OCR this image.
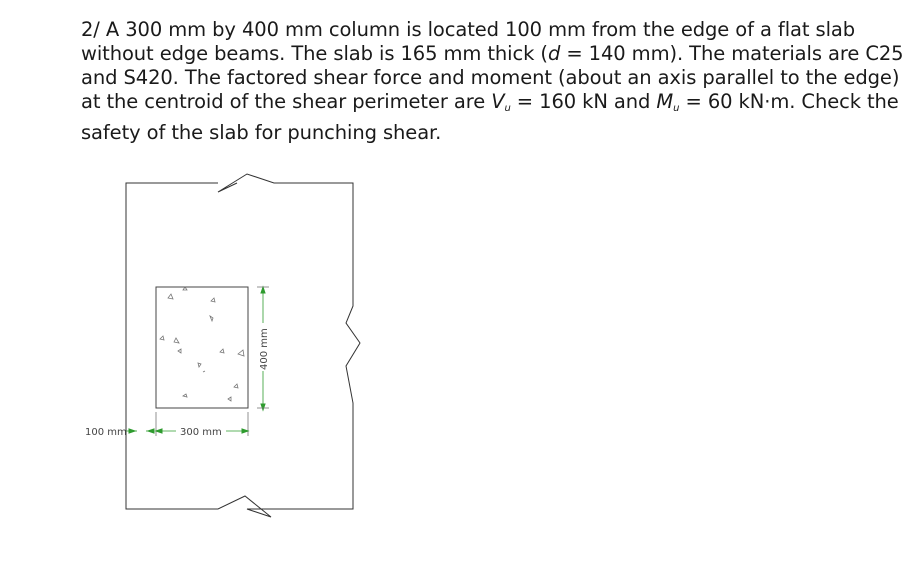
2/ A 300 mm by 400 mm column is located 100 mm from the edge of a flat slab
without edge beams. The slab is 165 mm thick (d = 140 mm). The materials are C25
and S420. The factored shear force and moment (about an axis parallel to the edge)
at the centroid of the shear perimeter are $V_u = 160$ kN and $M_u = 60$ kN·m. Check the
safety of the slab for punching shear.
400 mm
300 mm
100 mm
